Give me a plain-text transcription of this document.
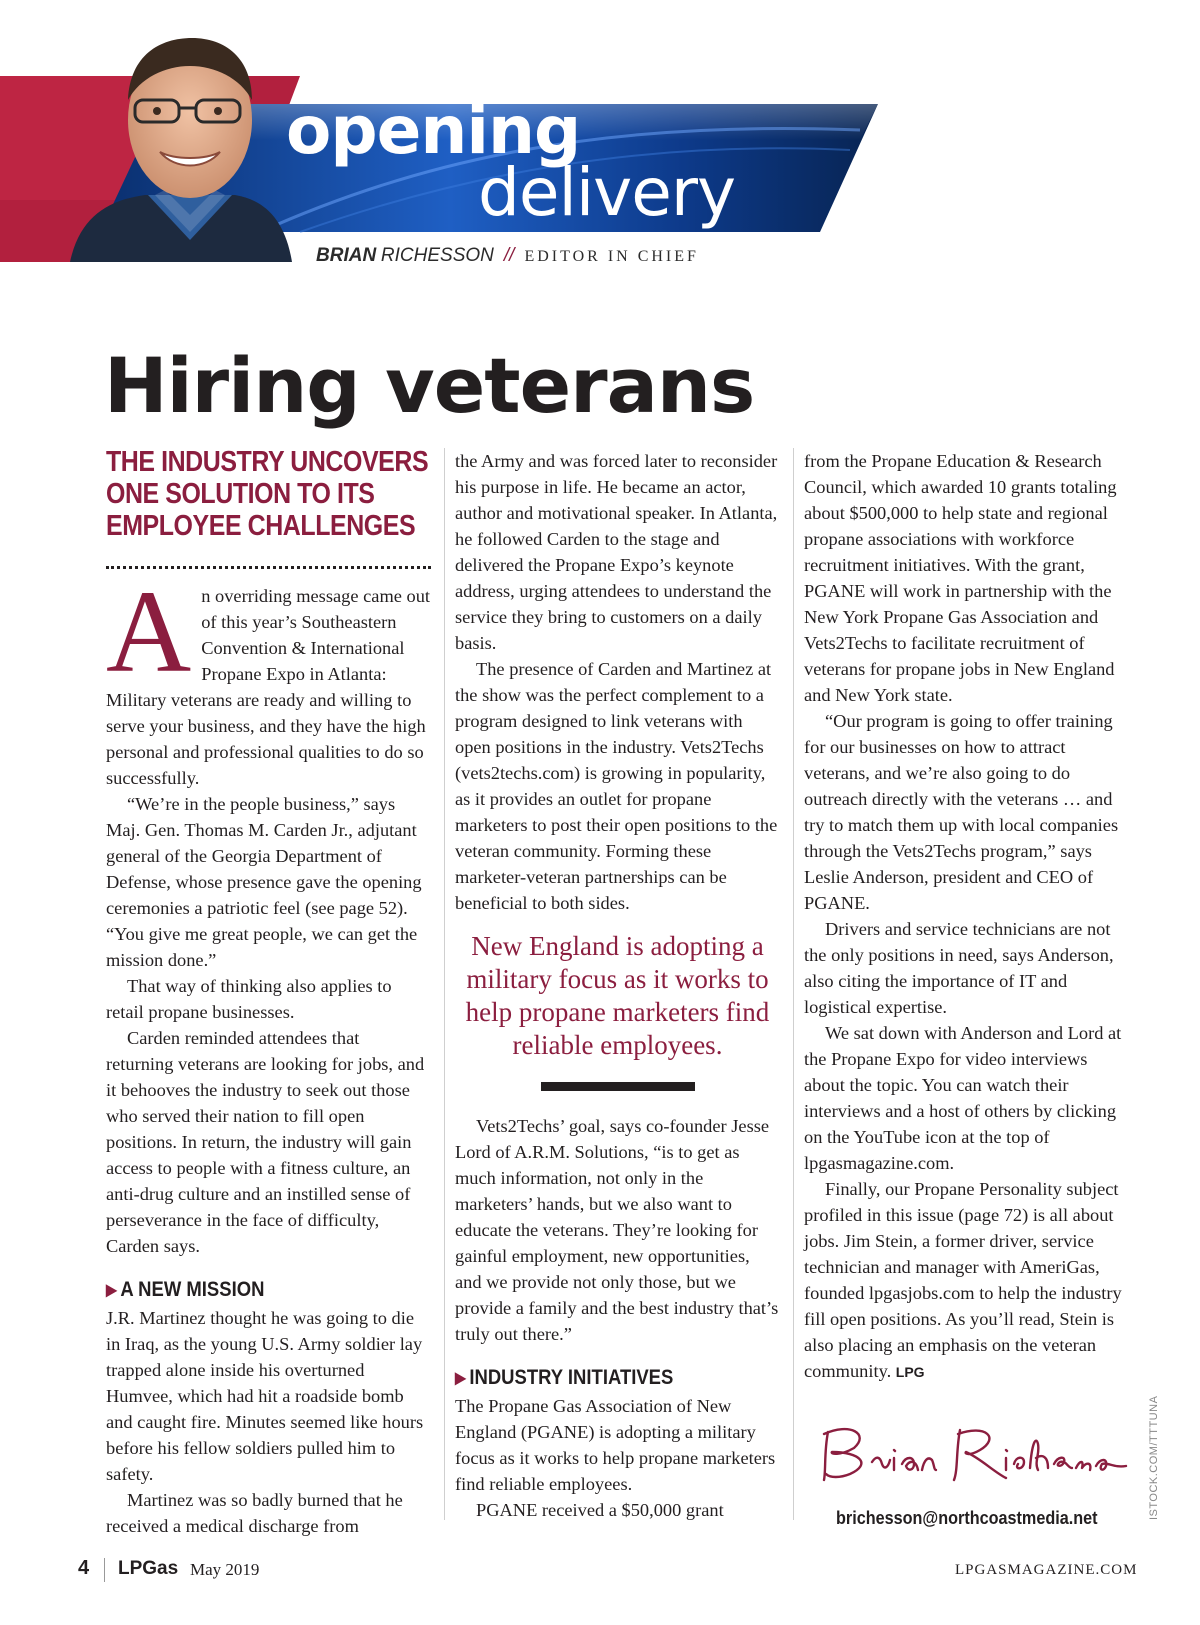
opening
delivery
BRIAN RICHESSON // EDITOR IN CHIEF
Hiring veterans
THE INDUSTRY UNCOVERS ONE SOLUTION TO ITS EMPLOYEE CHALLENGES

An overriding message came out of this year’s Southeastern Convention & International Propane Expo in Atlanta: Military veterans are ready and willing to serve your business, and they have the high personal and professional qualities to do so successfully.

“We’re in the people business,” says Maj. Gen. Thomas M. Carden Jr., adjutant general of the Georgia Department of Defense, whose presence gave the opening ceremonies a patriotic feel (see page 52). “You give me great people, we can get the mission done.”

That way of thinking also applies to retail propane businesses.

Carden reminded attendees that returning veterans are looking for jobs, and it behooves the industry to seek out those who served their nation to fill open positions. In return, the industry will gain access to people with a fitness culture, an anti-drug culture and an instilled sense of perseverance in the face of difficulty, Carden says.

▶ A NEW MISSION

J.R. Martinez thought he was going to die in Iraq, as the young U.S. Army soldier lay trapped alone inside his overturned Humvee, which had hit a roadside bomb and caught fire. Minutes seemed like hours before his fellow soldiers pulled him to safety.

Martinez was so badly burned that he received a medical discharge from

the Army and was forced later to reconsider his purpose in life. He became an actor, author and motivational speaker. In Atlanta, he followed Carden to the stage and delivered the Propane Expo’s keynote address, urging attendees to understand the service they bring to customers on a daily basis.

The presence of Carden and Martinez at the show was the perfect complement to a program designed to link veterans with open positions in the industry. Vets2Techs (vets2techs.com) is growing in popularity, as it provides an outlet for propane marketers to post their open positions to the veteran community. Forming these marketer-veteran partnerships can be beneficial to both sides.

New England is adopting a military focus as it works to help propane marketers find reliable employees.

Vets2Techs’ goal, says co-founder Jesse Lord of A.R.M. Solutions, “is to get as much information, not only in the marketers’ hands, but we also want to educate the veterans. They’re looking for gainful employment, new opportunities, and we provide not only those, but we provide a family and the best industry that’s truly out there.”

▶ INDUSTRY INITIATIVES

The Propane Gas Association of New England (PGANE) is adopting a military focus as it works to help propane marketers find reliable employees.

PGANE received a $50,000 grant

from the Propane Education & Research Council, which awarded 10 grants totaling about $500,000 to help state and regional propane associations with workforce recruitment initiatives. With the grant, PGANE will work in partnership with the New York Propane Gas Association and Vets2Techs to facilitate recruitment of veterans for propane jobs in New England and New York state.

“Our program is going to offer training for our businesses on how to attract veterans, and we’re also going to do outreach directly with the veterans … and try to match them up with local companies through the Vets2Techs program,” says Leslie Anderson, president and CEO of PGANE.

Drivers and service technicians are not the only positions in need, says Anderson, also citing the importance of IT and logistical expertise.

We sat down with Anderson and Lord at the Propane Expo for video interviews about the topic. You can watch their interviews and a host of others by clicking on the YouTube icon at the top of lpgasmagazine.com.

Finally, our Propane Personality subject profiled in this issue (page 72) is all about jobs. Jim Stein, a former driver, service technician and manager with AmeriGas, founded lpgasjobs.com to help the industry fill open positions. As you’ll read, Stein is also placing an emphasis on the veteran community. LPG

brichesson@northcoastmedia.net	ISTOCK.COM/TTTUNA
4 LPGas May 2019	LPGASMAGAZINE.COM
